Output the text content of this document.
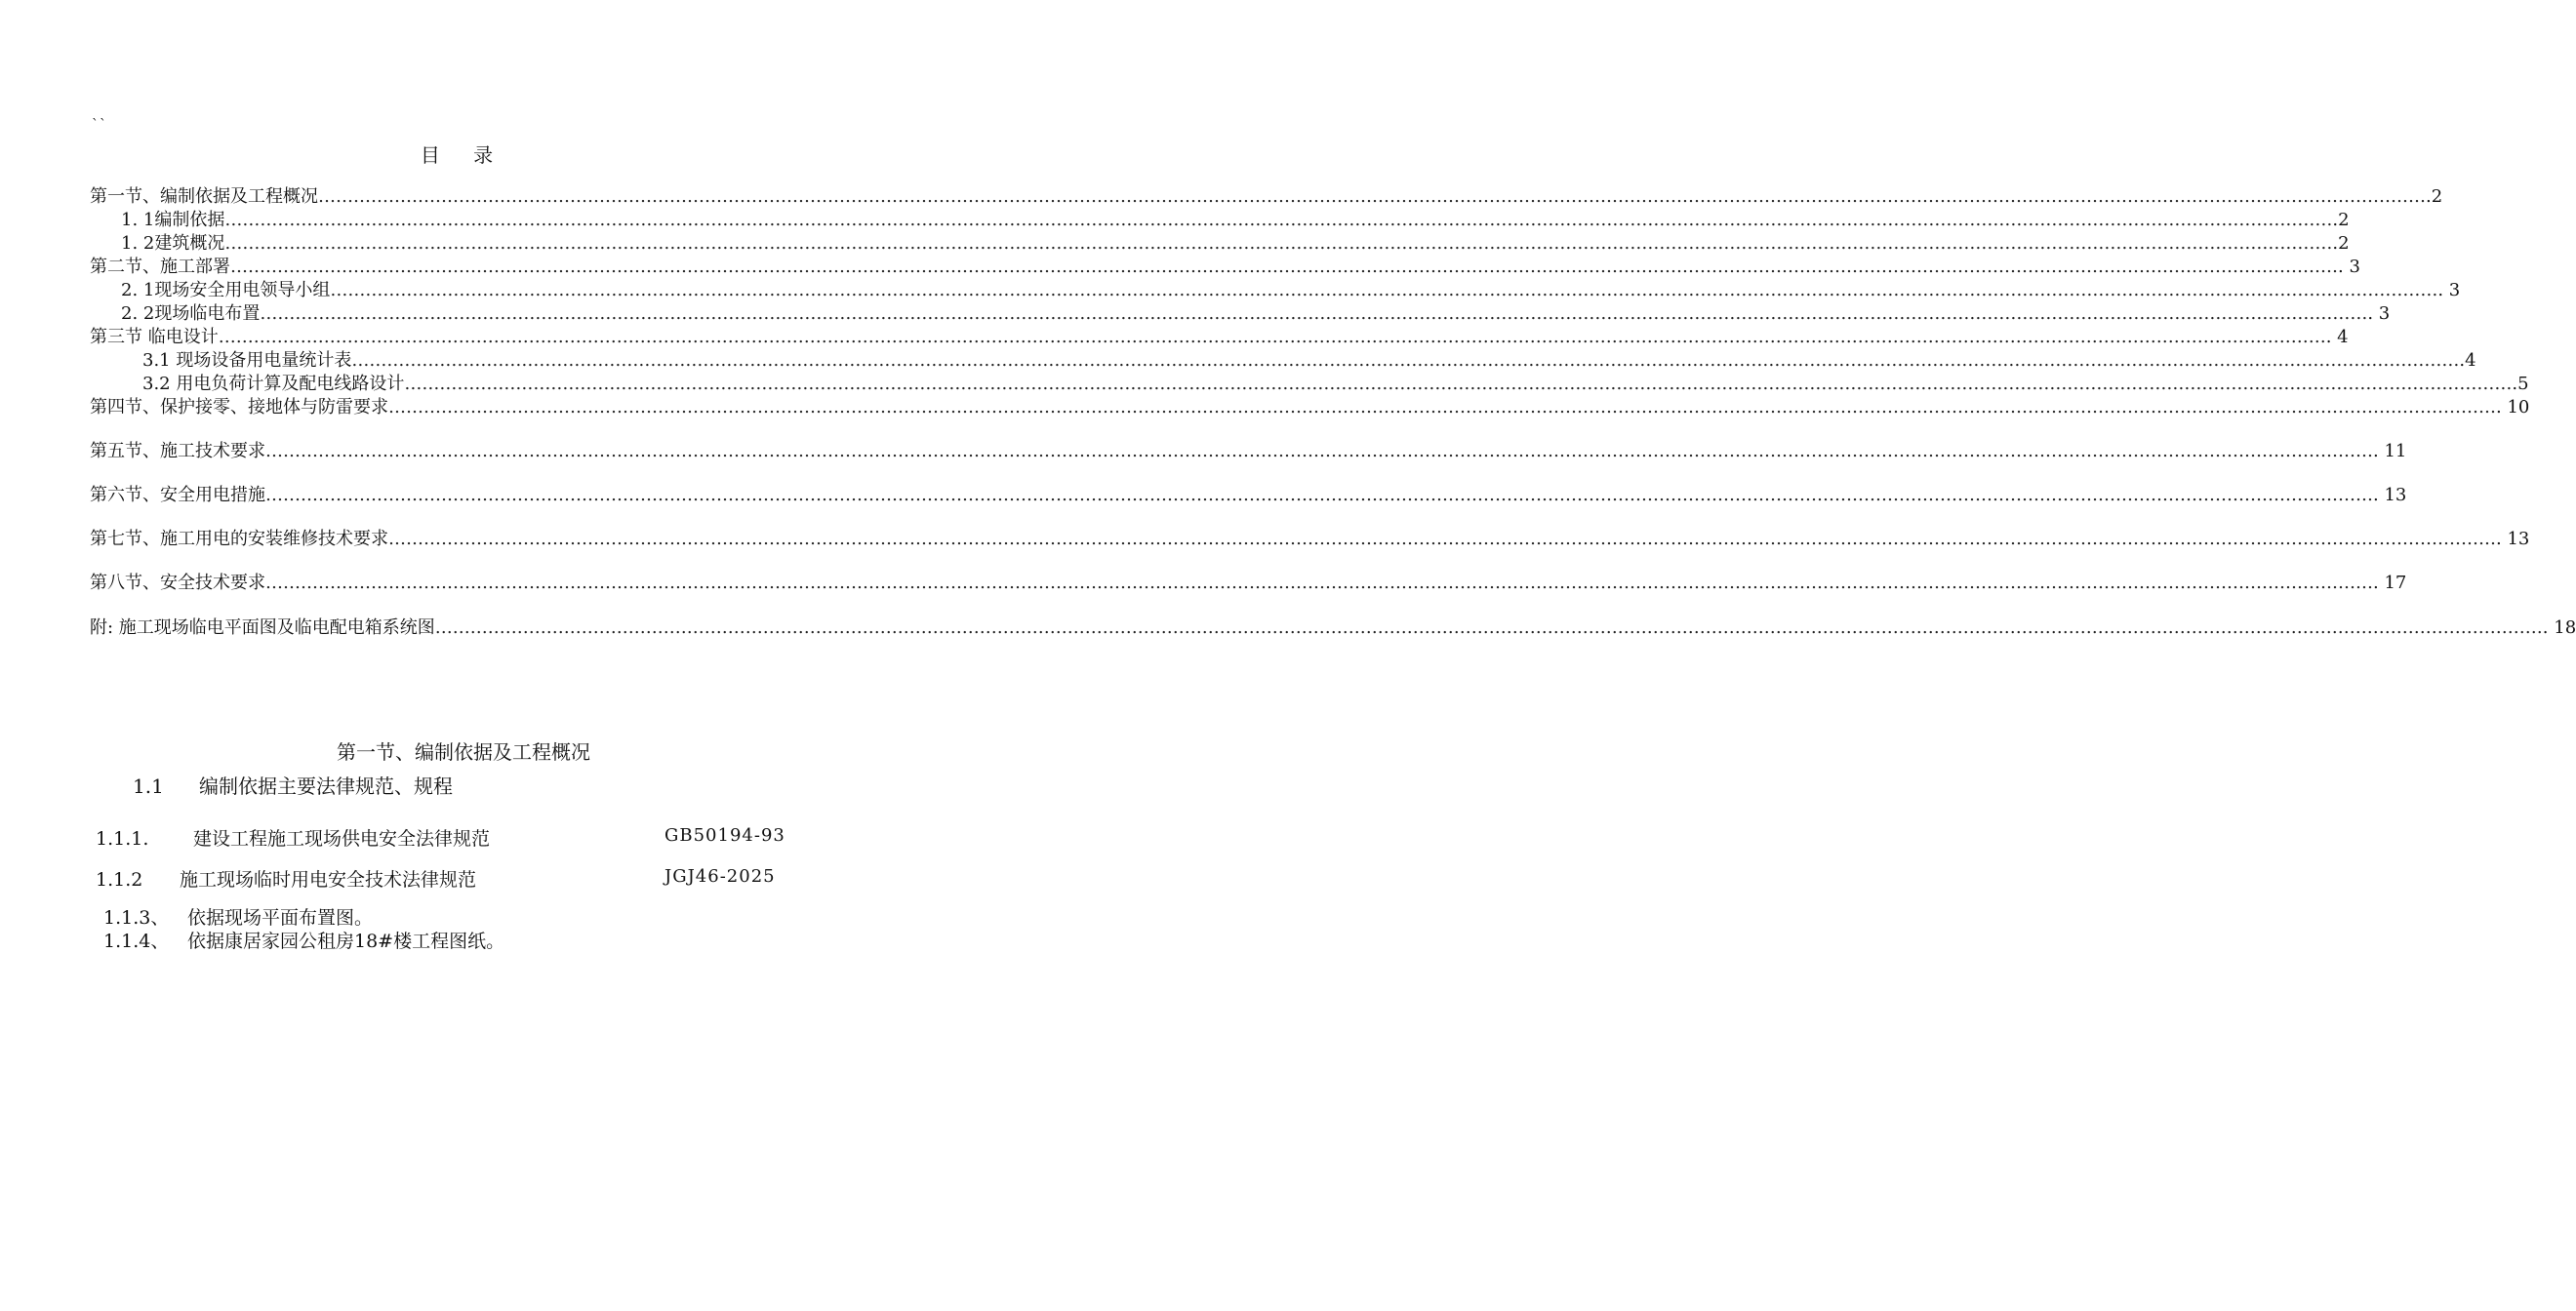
``
目 录
第一节、编制依据及工程概况 ……………………………………………………………………………………………………………………………………………………………………………………………………………………………………………………………………………………………………………………………… .2
1. 1编制依据 ……………………………………………………………………………………………………………………………………………………………………………………………………………………………………………………………………………………………………………………………… .2
1. 2建筑概况 ……………………………………………………………………………………………………………………………………………………………………………………………………………………………………………………………………………………………………………………………… .2
第二节、施工部署 ……………………………………………………………………………………………………………………………………………………………………………………………………………………………………………………………………………………………………………………………… . 3
2. 1现场安全用电领导小组 ……………………………………………………………………………………………………………………………………………………………………………………………………………………………………………………………………………………………………………………………… . 3
2. 2现场临电布置 ……………………………………………………………………………………………………………………………………………………………………………………………………………………………………………………………………………………………………………………………… . 3
第三节 临电设计 ……………………………………………………………………………………………………………………………………………………………………………………………………………………………………………………………………………………………………………………………… . 4
3.1 现场设备用电量统计表 ……………………………………………………………………………………………………………………………………………………………………………………………………………………………………………………………………………………………………………………………… .4
3.2 用电负荷计算及配电线路设计 ……………………………………………………………………………………………………………………………………………………………………………………………………………………………………………………………………………………………………………………………… .5
第四节、保护接零、接地体与防雷要求 ……………………………………………………………………………………………………………………………………………………………………………………………………………………………………………………………………………………………………………………………… . 10
第五节、施工技术要求 ……………………………………………………………………………………………………………………………………………………………………………………………………………………………………………………………………………………………………………………………… . 11
第六节、安全用电措施 ……………………………………………………………………………………………………………………………………………………………………………………………………………………………………………………………………………………………………………………………… . 13
第七节、施工用电的安装维修技术要求 ……………………………………………………………………………………………………………………………………………………………………………………………………………………………………………………………………………………………………………………………… . 13
第八节、安全技术要求 ……………………………………………………………………………………………………………………………………………………………………………………………………………………………………………………………………………………………………………………………… . 17
附: 施工现场临电平面图及临电配电箱系统图 ……………………………………………………………………………………………………………………………………………………………………………………………………………………………………………………………………………………………………………………………… . 18
第一节、编制依据及工程概况
1.1 编制依据主要法律规范、规程
1.1.1. 建设工程施工现场供电安全法律规范	GB50194-93
1.1.2 施工现场临时用电安全技术法律规范	JGJ46-2025
1.1.3、 依据现场平面布置图。
1.1.4、 依据康居家园公租房18#楼工程图纸。
